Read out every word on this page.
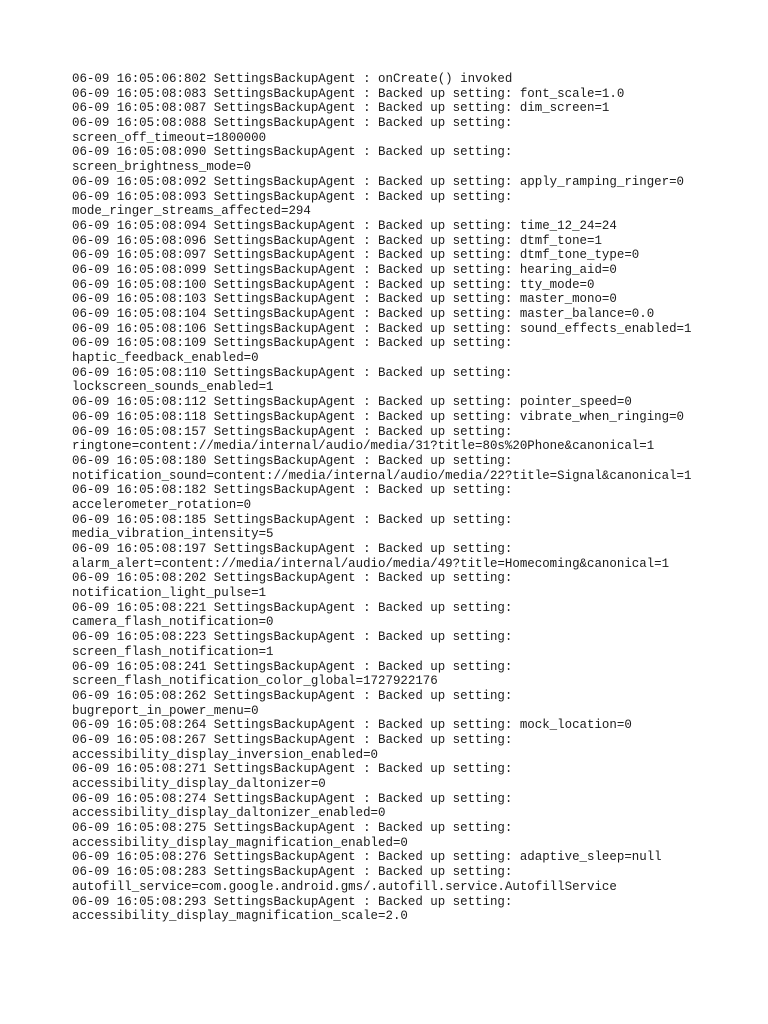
06-09 16:05:06:802 SettingsBackupAgent : onCreate() invoked
06-09 16:05:08:083 SettingsBackupAgent : Backed up setting: font_scale=1.0
06-09 16:05:08:087 SettingsBackupAgent : Backed up setting: dim_screen=1
06-09 16:05:08:088 SettingsBackupAgent : Backed up setting:
screen_off_timeout=1800000
06-09 16:05:08:090 SettingsBackupAgent : Backed up setting:
screen_brightness_mode=0
06-09 16:05:08:092 SettingsBackupAgent : Backed up setting: apply_ramping_ringer=0
06-09 16:05:08:093 SettingsBackupAgent : Backed up setting:
mode_ringer_streams_affected=294
06-09 16:05:08:094 SettingsBackupAgent : Backed up setting: time_12_24=24
06-09 16:05:08:096 SettingsBackupAgent : Backed up setting: dtmf_tone=1
06-09 16:05:08:097 SettingsBackupAgent : Backed up setting: dtmf_tone_type=0
06-09 16:05:08:099 SettingsBackupAgent : Backed up setting: hearing_aid=0
06-09 16:05:08:100 SettingsBackupAgent : Backed up setting: tty_mode=0
06-09 16:05:08:103 SettingsBackupAgent : Backed up setting: master_mono=0
06-09 16:05:08:104 SettingsBackupAgent : Backed up setting: master_balance=0.0
06-09 16:05:08:106 SettingsBackupAgent : Backed up setting: sound_effects_enabled=1
06-09 16:05:08:109 SettingsBackupAgent : Backed up setting:
haptic_feedback_enabled=0
06-09 16:05:08:110 SettingsBackupAgent : Backed up setting:
lockscreen_sounds_enabled=1
06-09 16:05:08:112 SettingsBackupAgent : Backed up setting: pointer_speed=0
06-09 16:05:08:118 SettingsBackupAgent : Backed up setting: vibrate_when_ringing=0
06-09 16:05:08:157 SettingsBackupAgent : Backed up setting:
ringtone=content://media/internal/audio/media/31?title=80s%20Phone&canonical=1
06-09 16:05:08:180 SettingsBackupAgent : Backed up setting:
notification_sound=content://media/internal/audio/media/22?title=Signal&canonical=1
06-09 16:05:08:182 SettingsBackupAgent : Backed up setting:
accelerometer_rotation=0
06-09 16:05:08:185 SettingsBackupAgent : Backed up setting:
media_vibration_intensity=5
06-09 16:05:08:197 SettingsBackupAgent : Backed up setting:
alarm_alert=content://media/internal/audio/media/49?title=Homecoming&canonical=1
06-09 16:05:08:202 SettingsBackupAgent : Backed up setting:
notification_light_pulse=1
06-09 16:05:08:221 SettingsBackupAgent : Backed up setting:
camera_flash_notification=0
06-09 16:05:08:223 SettingsBackupAgent : Backed up setting:
screen_flash_notification=1
06-09 16:05:08:241 SettingsBackupAgent : Backed up setting:
screen_flash_notification_color_global=1727922176
06-09 16:05:08:262 SettingsBackupAgent : Backed up setting:
bugreport_in_power_menu=0
06-09 16:05:08:264 SettingsBackupAgent : Backed up setting: mock_location=0
06-09 16:05:08:267 SettingsBackupAgent : Backed up setting:
accessibility_display_inversion_enabled=0
06-09 16:05:08:271 SettingsBackupAgent : Backed up setting:
accessibility_display_daltonizer=0
06-09 16:05:08:274 SettingsBackupAgent : Backed up setting:
accessibility_display_daltonizer_enabled=0
06-09 16:05:08:275 SettingsBackupAgent : Backed up setting:
accessibility_display_magnification_enabled=0
06-09 16:05:08:276 SettingsBackupAgent : Backed up setting: adaptive_sleep=null
06-09 16:05:08:283 SettingsBackupAgent : Backed up setting:
autofill_service=com.google.android.gms/.autofill.service.AutofillService
06-09 16:05:08:293 SettingsBackupAgent : Backed up setting:
accessibility_display_magnification_scale=2.0
